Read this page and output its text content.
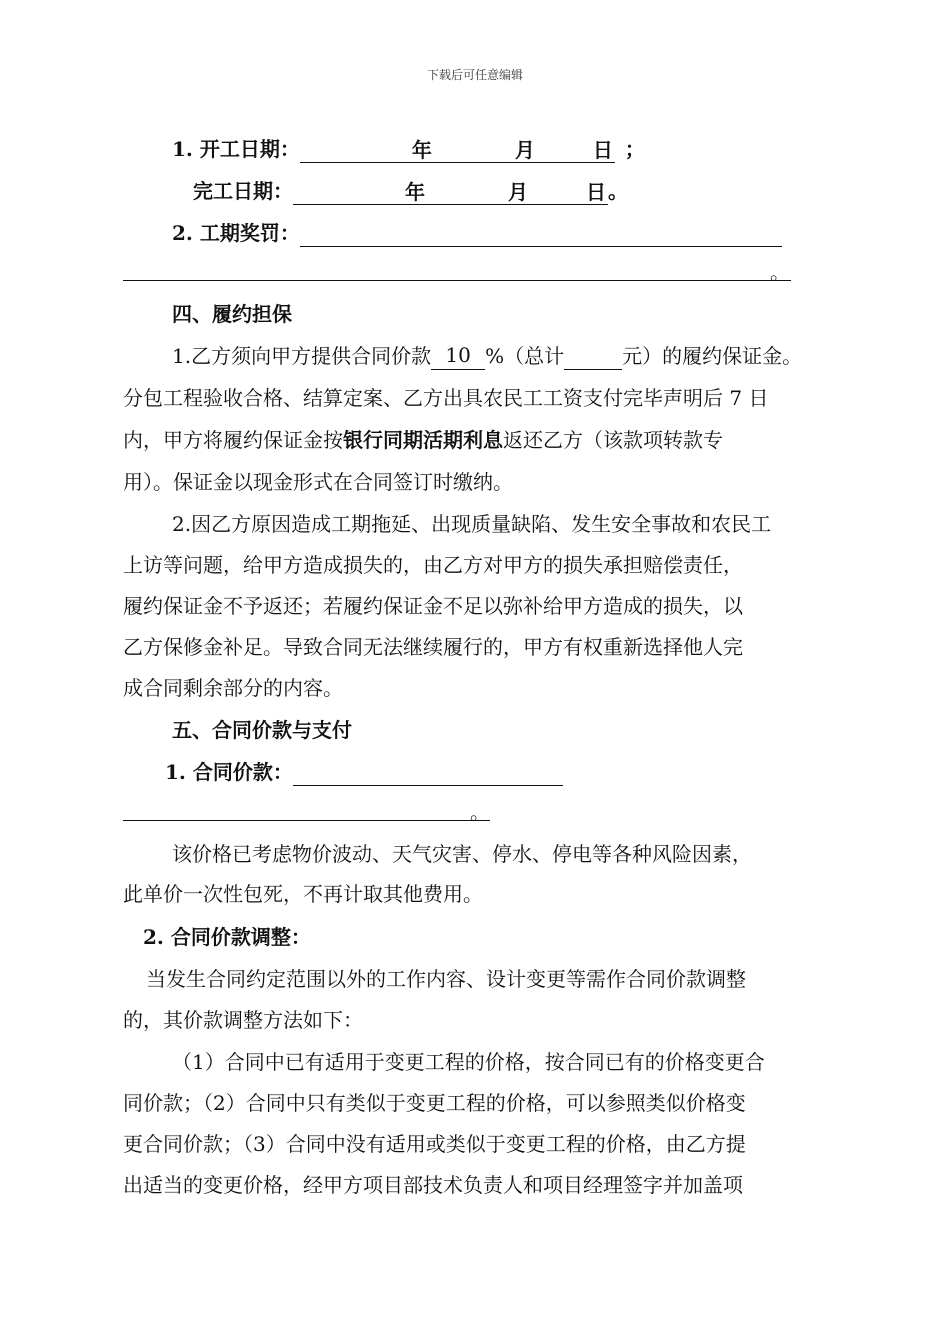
下载后可任意编辑
1. 开工日期：	年	月	日 ；
完工日期：	年	月	日 。
2. 工期奖罚：
。
四、履约担保
1.乙方须向甲方提供合同价款 10 %（总计	元）的履约保证金。
分包工程验收合格、结算定案、乙方出具农民工工资支付完毕声明后 7 日
内，甲方将履约保证金按银行同期活期利息返还乙方（该款项转款专
用）。保证金以现金形式在合同签订时缴纳。
2.因乙方原因造成工期拖延、出现质量缺陷、发生安全事故和农民工
上访等问题，给甲方造成损失的，由乙方对甲方的损失承担赔偿责任，
履约保证金不予返还；若履约保证金不足以弥补给甲方造成的损失，以
乙方保修金补足。导致合同无法继续履行的，甲方有权重新选择他人完
成合同剩余部分的内容。
五、合同价款与支付
1. 合同价款：
。
该价格已考虑物价波动、天气灾害、停水、停电等各种风险因素，
此单价一次性包死，不再计取其他费用。
2. 合同价款调整：
当发生合同约定范围以外的工作内容、设计变更等需作合同价款调整
的，其价款调整方法如下：
（1）合同中已有适用于变更工程的价格，按合同已有的价格变更合
同价款；（2）合同中只有类似于变更工程的价格，可以参照类似价格变
更合同价款；（3）合同中没有适用或类似于变更工程的价格，由乙方提
出适当的变更价格，经甲方项目部技术负责人和项目经理签字并加盖项
